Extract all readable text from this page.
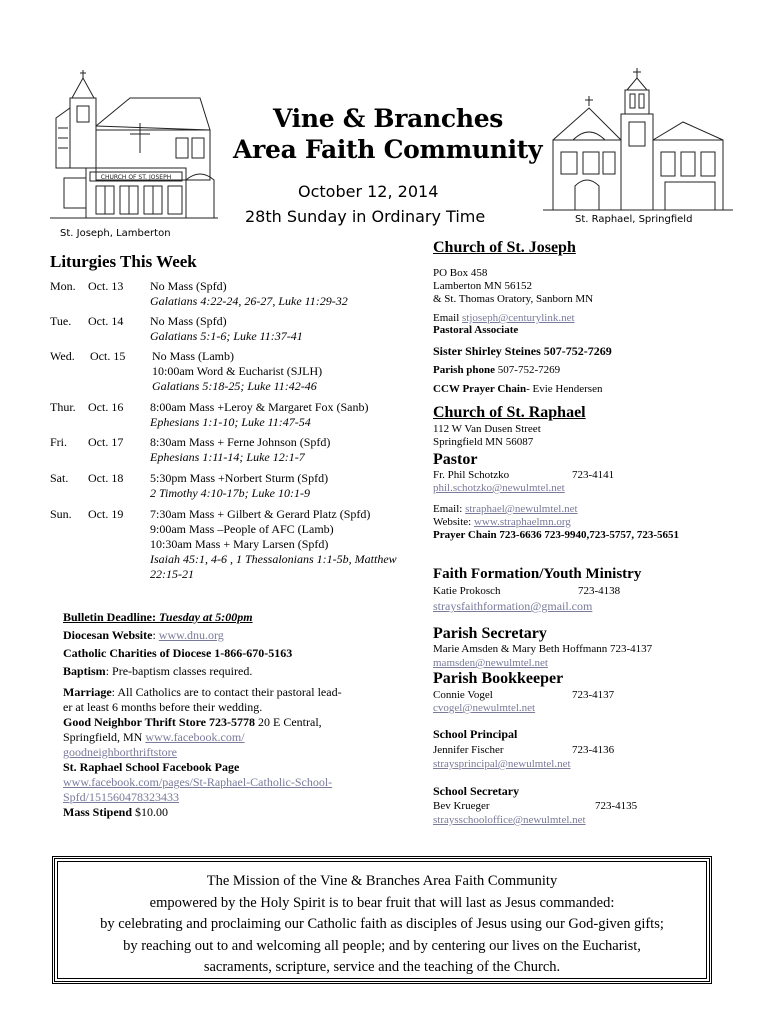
CHURCH OF ST. JOSEPH
Vine & Branches
Area Faith Community
October 12, 2014
28th Sunday in Ordinary Time
St. Joseph, Lamberton
St. Raphael, Springfield
Liturgies This Week
Mon. Oct. 13 No Mass (Spfd)
Galatians 4:22-24, 26-27, Luke 11:29-32
Tue. Oct. 14 No Mass (Spfd)
Galatians 5:1-6; Luke 11:37-41
Wed. Oct. 15 No Mass (Lamb)
10:00am Word & Eucharist (SJLH)
Galatians 5:18-25; Luke 11:42-46
Thur. Oct. 16 8:00am Mass +Leroy & Margaret Fox (Sanb)
Ephesians 1:1-10; Luke 11:47-54
Fri. Oct. 17 8:30am Mass + Ferne Johnson (Spfd)
Ephesians 1:11-14; Luke 12:1-7
Sat. Oct. 18 5:30pm Mass +Norbert Sturm (Spfd)
2 Timothy 4:10-17b; Luke 10:1-9
Sun. Oct. 19 7:30am Mass + Gilbert & Gerard Platz (Spfd)
9:00am Mass –People of AFC (Lamb)
10:30am Mass + Mary Larsen (Spfd)
Isaiah 45:1, 4-6 , 1 Thessalonians 1:1-5b, Matthew 22:15-21
Bulletin Deadline: Tuesday at 5:00pm
Diocesan Website: www.dnu.org
Catholic Charities of Diocese 1-866-670-5163
Baptism: Pre-baptism classes required.
Marriage: All Catholics are to contact their pastoral lead-
er at least 6 months before their wedding.
Good Neighbor Thrift Store 723-5778 20 E Central,
Springfield, MN www.facebook.com/
goodneighborthriftstore
St. Raphael School Facebook Page
www.facebook.com/pages/St-Raphael-Catholic-School-
Spfd/151560478323433
Mass Stipend $10.00
Church of St. Joseph
PO Box 458
Lamberton MN 56152
& St. Thomas Oratory, Sanborn MN
Email stjoseph@centurylink.net
Pastoral Associate
Sister Shirley Steines 507-752-7269
Parish phone 507-752-7269
CCW Prayer Chain- Evie Hendersen
Church of St. Raphael
112 W Van Dusen Street
Springfield MN 56087
Pastor
Fr. Phil Schotzko	723-4141
phil.schotzko@newulmtel.net
Email: straphael@newulmtel.net
Website: www.straphaelmn.org
Prayer Chain 723-6636 723-9940,723-5757, 723-5651
Faith Formation/Youth Ministry
Katie Prokosch	723-4138
straysfaithformation@gmail.com
Parish Secretary
Marie Amsden & Mary Beth Hoffmann 723-4137
mamsden@newulmtel.net
Parish Bookkeeper
Connie Vogel	723-4137
cvogel@newulmtel.net
School Principal
Jennifer Fischer	723-4136
straysprincipal@newulmtel.net
School Secretary
Bev Krueger	723-4135
straysschooloffice@newulmtel.net
The Mission of the Vine & Branches Area Faith Community
empowered by the Holy Spirit is to bear fruit that will last as Jesus commanded:
by celebrating and proclaiming our Catholic faith as disciples of Jesus using our God-given gifts;
by reaching out to and welcoming all people; and by centering our lives on the Eucharist,
sacraments, scripture, service and the teaching of the Church.
